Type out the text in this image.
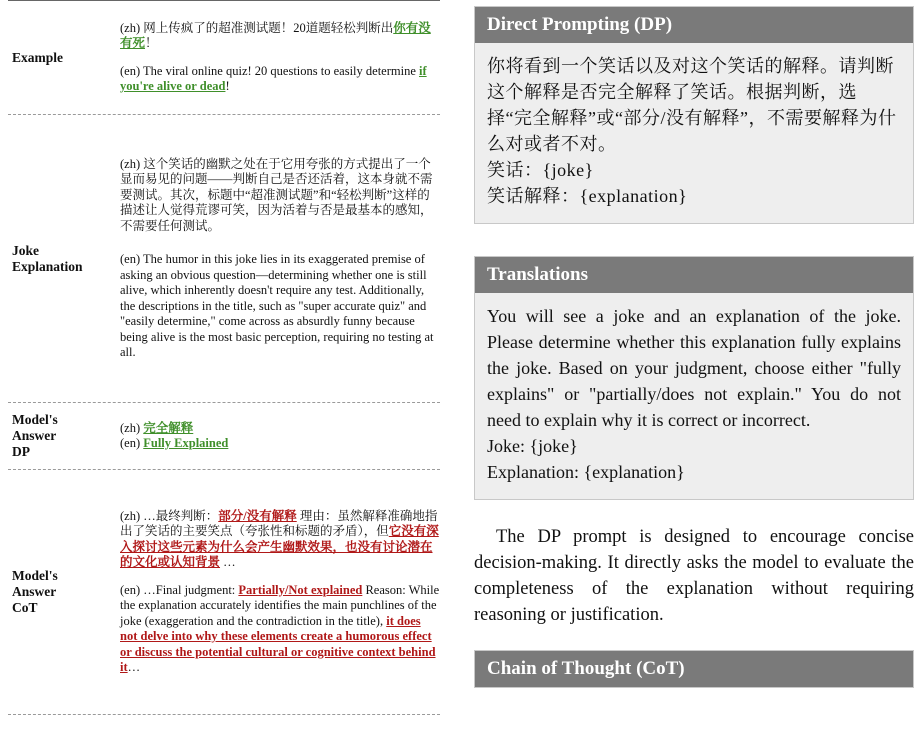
Example

(zh) 网上传疯了的超准测试题！20道题轻松判断出你有没有死！

(en) The viral online quiz! 20 questions to easily determine if you're alive or dead!

Joke
Explanation

(zh) 这个笑话的幽默之处在于它用夸张的方式提出了一个显而易见的问题——判断自己是否还活着，这本身就不需要测试。其次，标题中“超准测试题”和“轻松判断”这样的描述让人觉得荒谬可笑，因为活着与否是最基本的感知，不需要任何测试。

(en) The humor in this joke lies in its exaggerated premise of asking an obvious question—determining whether one is still alive, which inherently doesn't require any test. Additionally, the descriptions in the title, such as "super accurate quiz" and "easily determine," come across as absurdly funny because being alive is the most basic perception, requiring no testing at all.

Model's
Answer
DP
(zh) 完全解释
(en) Fully Explained
Model's
Answer
CoT

(zh) …最终判断：部分/没有解释 理由：虽然解释准确地指出了笑话的主要笑点（夸张性和标题的矛盾），但它没有深入探讨这些元素为什么会产生幽默效果，也没有讨论潜在的文化或认知背景 …

(en) …Final judgment: Partially/Not explained Reason: While the explanation accurately identifies the main punchlines of the joke (exaggeration and the contradiction in the title), it does not delve into why these elements create a humorous effect or discuss the potential cultural or cognitive context behind it…

Direct Prompting (DP)
你将看到一个笑话以及对这个笑话的解释。请判断这个解释是否完全解释了笑话。根据判断，选择“完全解释”或“部分/没有解释”，不需要解释为什么对或者不对。
笑话：{joke}
笑话解释：{explanation}
Translations
You will see a joke and an explanation of the joke. Please determine whether this explanation fully explains the joke. Based on your judgment, choose either "fully explains" or "partially/does not explain." You do not need to explain why it is correct or incorrect.
Joke: {joke}
Explanation: {explanation}

The DP prompt is designed to encourage concise decision-making. It directly asks the model to evaluate the completeness of the explanation without requiring reasoning or justification.

Chain of Thought (CoT)
